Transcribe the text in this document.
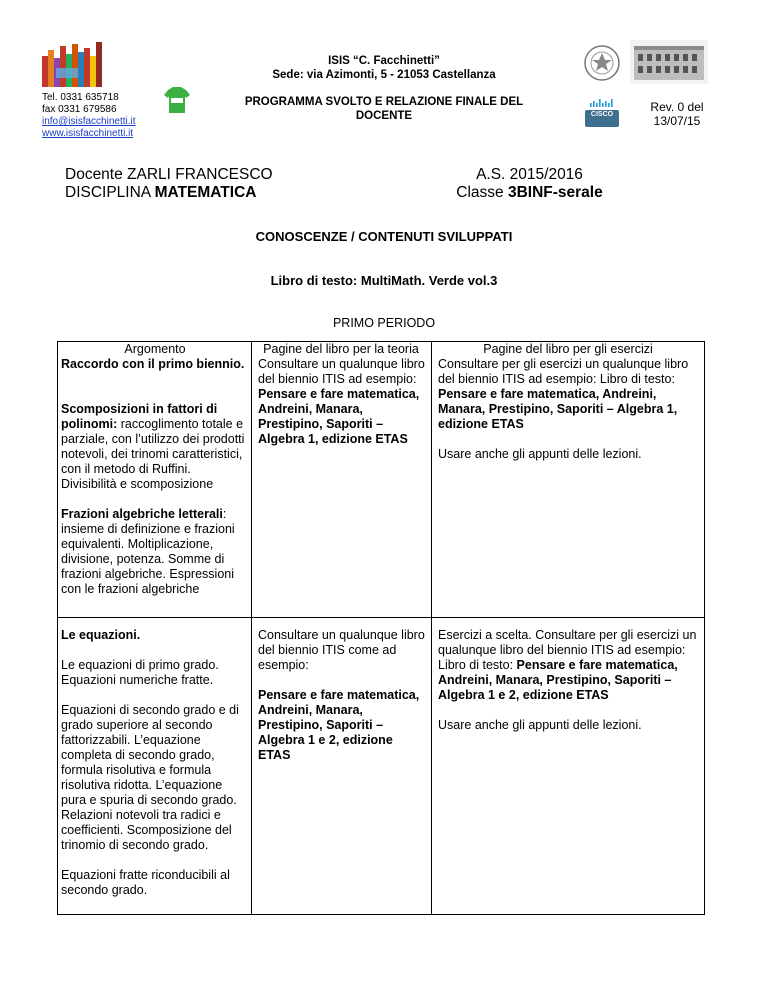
CISCO
ISIS “C. Facchinetti”
Sede: via Azimonti, 5 - 21053 Castellanza
Tel. 0331 635718
fax 0331 679586
info@isisfacchinetti.it
www.isisfacchinetti.it
PROGRAMMA SVOLTO E RELAZIONE FINALE DEL
DOCENTE
Rev. 0 del
13/07/15
Docente ZARLI FRANCESCO
DISCIPLINA MATEMATICA
A.S. 2015/2016
Classe 3BINF-serale
CONOSCENZE / CONTENUTI SVILUPPATI
Libro di testo: MultiMath. Verde vol.3
PRIMO PERIODO
Argomento	Pagine del libro per la teoria	Pagine del libro per gli esercizi

Raccordo con il primo biennio.

Scomposizioni in fattori di polinomi: raccoglimento totale e parziale, con l’utilizzo dei prodotti notevoli, dei trinomi caratteristici, con il metodo di Ruffini. Divisibilità e scomposizione

Frazioni algebriche letterali: insieme di definizione e frazioni equivalenti. Moltiplicazione, divisione, potenza. Somme di frazioni algebriche. Espressioni con le frazioni algebriche

Consultare un qualunque libro del biennio ITIS ad esempio: Pensare e fare matematica, Andreini, Manara, Prestipino, Saporiti – Algebra 1, edizione ETAS

Consultare per gli esercizi un qualunque libro del biennio ITIS ad esempio: Libro di testo: Pensare e fare matematica, Andreini, Manara, Prestipino, Saporiti – Algebra 1, edizione ETAS

Usare anche gli appunti delle lezioni.

Le equazioni.

Le equazioni di primo grado. Equazioni numeriche fratte.

Equazioni di secondo grado e di grado superiore al secondo fattorizzabili. L’equazione completa di secondo grado, formula risolutiva e formula risolutiva ridotta. L’equazione pura e spuria di secondo grado. Relazioni notevoli tra radici e coefficienti. Scomposizione del trinomio di secondo grado.

Equazioni fratte riconducibili al secondo grado.

Consultare un qualunque libro del biennio ITIS come ad esempio:

Pensare e fare matematica, Andreini, Manara, Prestipino, Saporiti – Algebra 1 e 2, edizione ETAS

Esercizi a scelta. Consultare per gli esercizi un qualunque libro del biennio ITIS ad esempio: Libro di testo: Pensare e fare matematica, Andreini, Manara, Prestipino, Saporiti – Algebra 1 e 2, edizione ETAS

Usare anche gli appunti delle lezioni.
